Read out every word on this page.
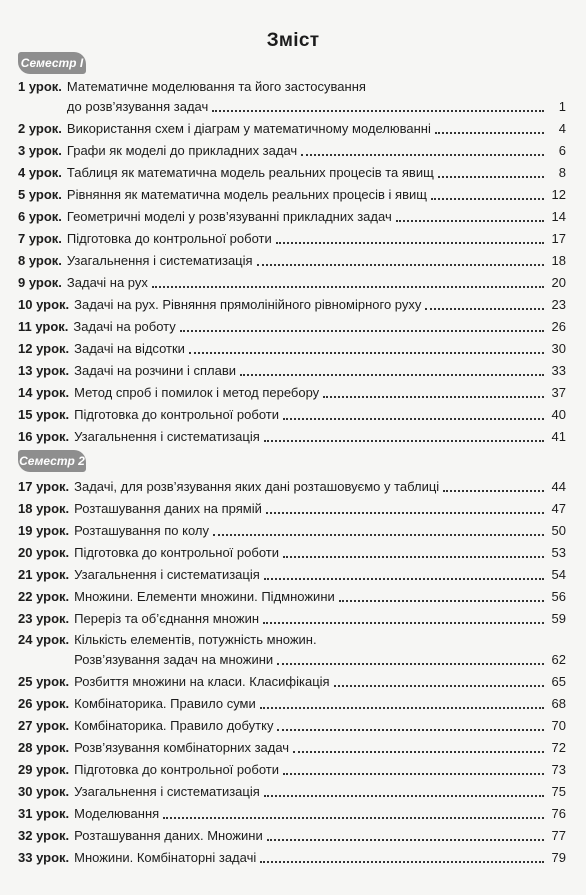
Зміст
Семестр I
1 урок. Математичне моделювання та його застосування
до розв’язування задач	1
2 урок. Використання схем і діаграм у математичному моделюванні	4
3 урок. Графи як моделі до прикладних задач	6
4 урок. Таблиця як математична модель реальних процесів та явищ	8
5 урок. Рівняння як математична модель реальних процесів і явищ	12
6 урок. Геометричні моделі у розв’язуванні прикладних задач	14
7 урок. Підготовка до контрольної роботи	17
8 урок. Узагальнення і систематизація	18
9 урок. Задачі на рух	20
10 урок. Задачі на рух. Рівняння прямолінійного рівномірного руху	23
11 урок. Задачі на роботу	26
12 урок. Задачі на відсотки	30
13 урок. Задачі на розчини і сплави	33
14 урок. Метод спроб і помилок і метод перебору	37
15 урок. Підготовка до контрольної роботи	40
16 урок. Узагальнення і систематизація	41
Семестр 2
17 урок. Задачі, для розв’язування яких дані розташовуємо у таблиці	44
18 урок. Розташування даних на прямій	47
19 урок. Розташування по колу	50
20 урок. Підготовка до контрольної роботи	53
21 урок. Узагальнення і систематизація	54
22 урок. Множини. Елементи множини. Підмножини	56
23 урок. Переріз та об’єднання множин	59
24 урок. Кількість елементів, потужність множин.
Розв’язування задач на множини	62
25 урок. Розбиття множини на класи. Класифікація	65
26 урок. Комбінаторика. Правило суми	68
27 урок. Комбінаторика. Правило добутку	70
28 урок. Розв’язування комбінаторних задач	72
29 урок. Підготовка до контрольної роботи	73
30 урок. Узагальнення і систематизація	75
31 урок. Моделювання	76
32 урок. Розташування даних. Множини	77
33 урок. Множини. Комбінаторні задачі	79
